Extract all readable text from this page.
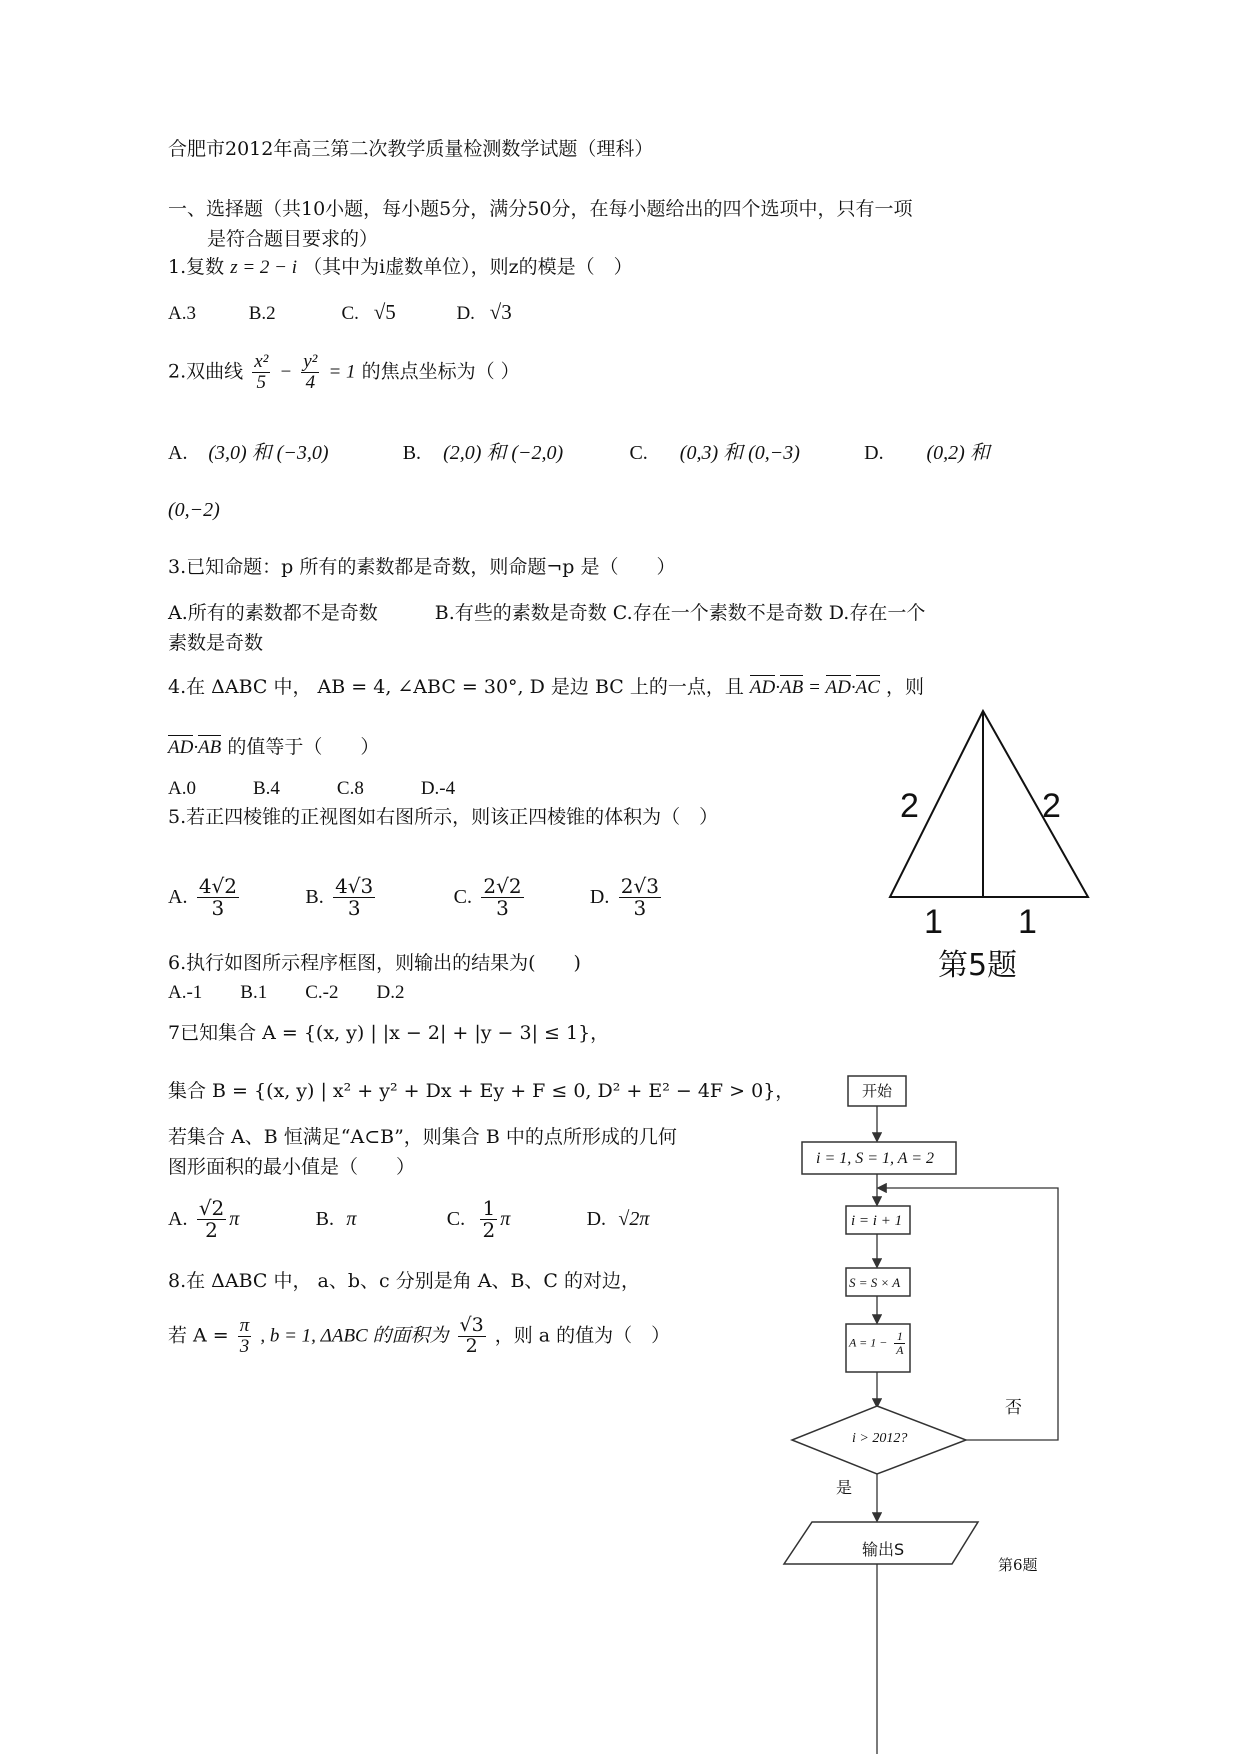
合肥市2012年高三第二次教学质量检测数学试题（理科）
一、选择题（共10小题，每小题5分，满分50分，在每小题给出的四个选项中，只有一项
是符合题目要求的）
1.复数 z = 2 − i （其中为i虚数单位），则z的模是（　）
A.3	B.2	C. √5	D. √3
2.双曲线 $\frac{\text{x²}}{5} - \frac{\text{y²}}{4} = 1$ 的焦点坐标为（ ）
A. (3,0) 和 (−3,0)	B. (2,0) 和 (−2,0)	C. (0,3) 和 (0,−3)	D. (0,2) 和
(0,−2)
3.已知命题：p 所有的素数都是奇数，则命题¬p 是（　　）
A.所有的素数都不是奇数　　　B.有些的素数是奇数 C.存在一个素数不是奇数 D.存在一个
素数是奇数
4.在 ΔABC 中， AB = 4, ∠ABC = 30°, D 是边 BC 上的一点，且 AD·AB = AD·AC ，则
AD·AB 的值等于（　　）
A.0　　　B.4　　　C.8　　　D.-4
5.若正四棱锥的正视图如右图所示，则该正四棱锥的体积为（　）
A. $\frac{4√2}{3}$	B. $\frac{4√3}{3}$	C. $\frac{2√2}{3}$	D. $\frac{2√3}{3}$
2	2
1 1
第5题
6.执行如图所示程序框图，则输出的结果为(　　)
A.-1　　B.1　　C.-2　　D.2
7已知集合 A = {(x, y) | |x − 2| + |y − 3| ≤ 1}，
集合 B = {(x, y) | x² + y² + Dx + Ey + F ≤ 0, D² + E² − 4F > 0}，
若集合 A、B 恒满足“A⊂B”，则集合 B 中的点所形成的几何
图形面积的最小值是（　　）
A. $\frac{√2}{2}$ π	B. π	C. $\frac{1}{2}$ π	D. √2π
8.在 ΔABC 中， a、b、c 分别是角 A、B、C 的对边，
若 $A = \frac{\pi}{3}$ , b = 1, ΔABC 的面积为 $\frac{√3}{2}$ ，则 a 的值为（　）
开始
i = 1, S = 1, A = 2
i = i + 1
S = S × A
$A = 1 - \frac{1}{A}$
i > 2012?
否
是
输出S
第6题
